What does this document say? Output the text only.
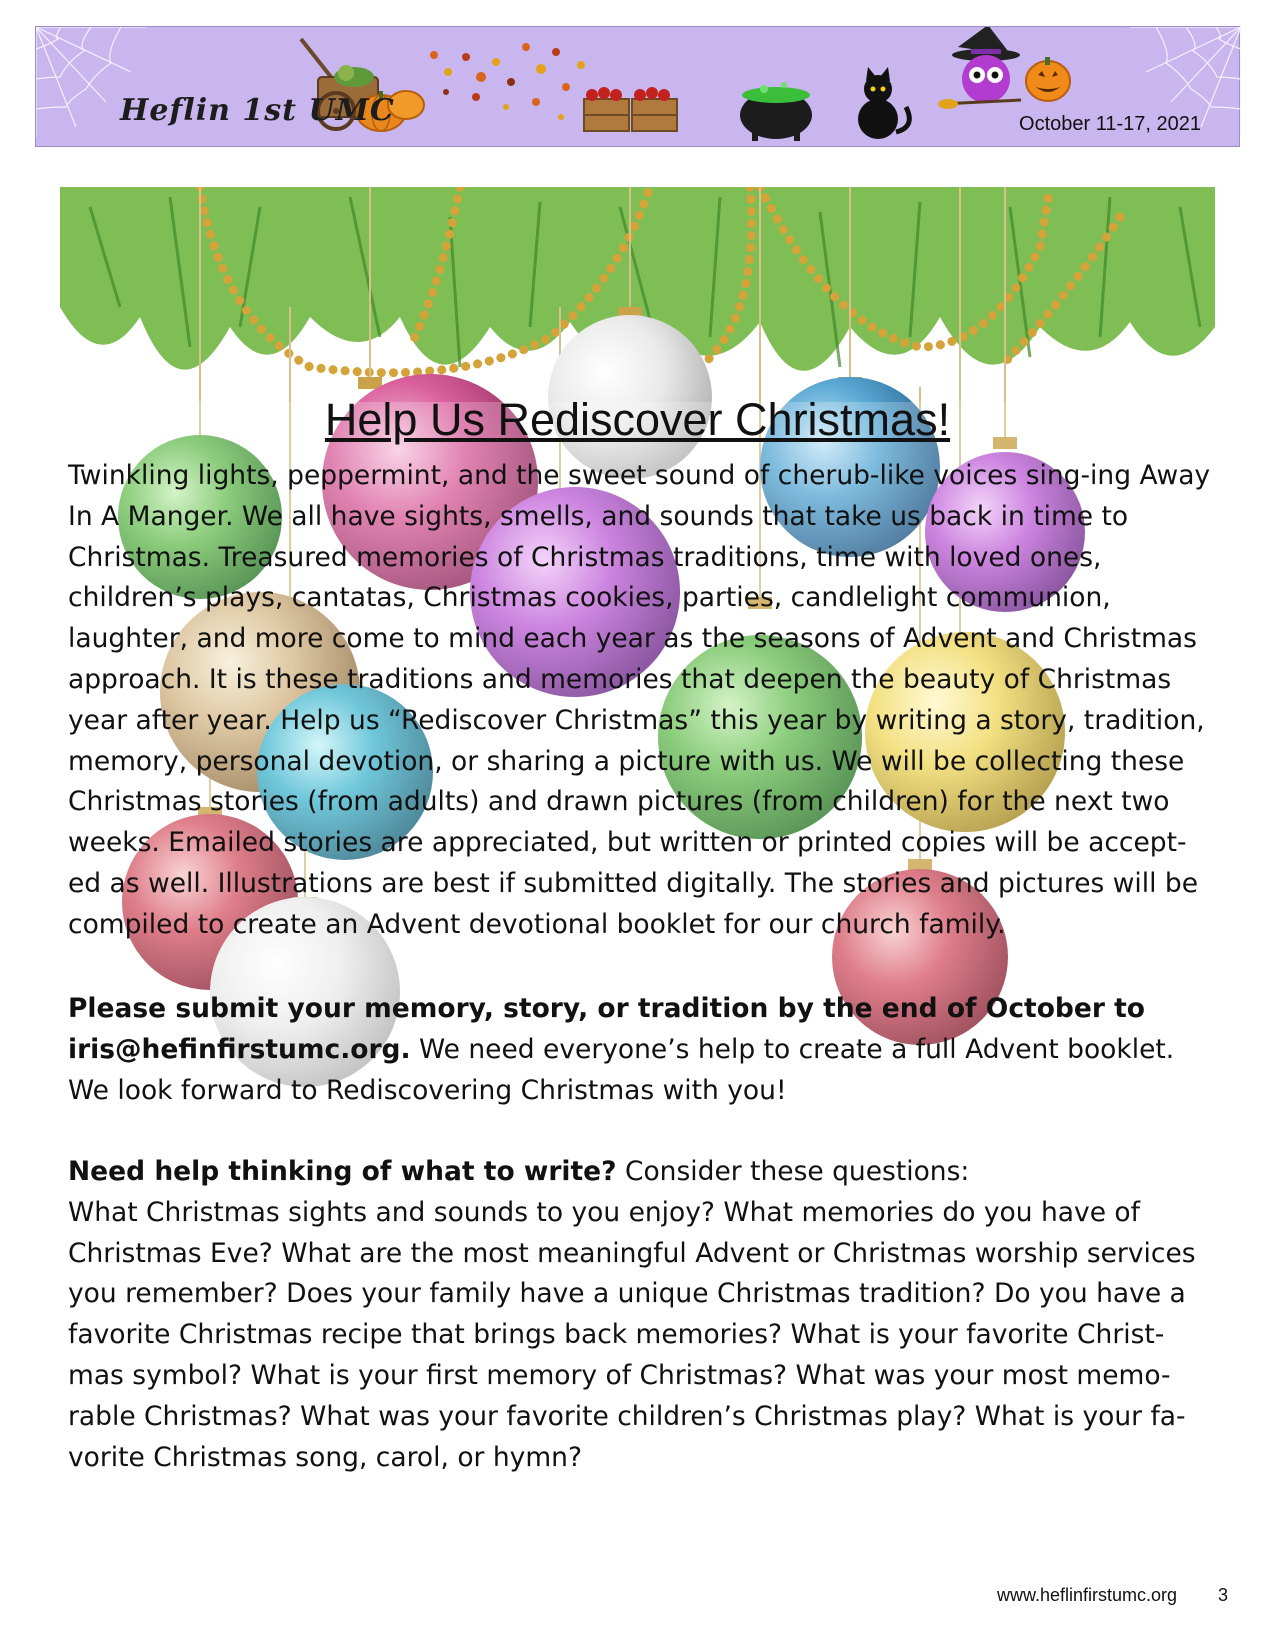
Heflin 1st UMC	October 11-17, 2021
Help Us Rediscover Christmas!

Twinkling lights, peppermint, and the sweet sound of cherub-like voices sing-ing Away In A Manger. We all have sights, smells, and sounds that take us back in time to Christmas. Treasured memories of Christmas traditions, time with loved ones, children’s plays, cantatas, Christmas cookies, parties, candlelight communion, laughter, and more come to mind each year as the seasons of Advent and Christmas approach. It is these traditions and memories that deepen the beauty of Christmas year after year. Help us “Rediscover Christmas” this year by writing a story, tradition, memory, personal devotion, or sharing a picture with us. We will be collecting these Christmas stories (from adults) and drawn pictures (from children) for the next two weeks. Emailed stories are appreciated, but written or printed copies will be accept-ed as well. Illustrations are best if submitted digitally. The stories and pictures will be compiled to create an Advent devotional booklet for our church family.

Please submit your memory, story, or tradition by the end of October to iris@hefinfirstumc.org. We need everyone’s help to create a full Advent booklet. We look forward to Rediscovering Christmas with you!

Need help thinking of what to write? Consider these questions:
What Christmas sights and sounds to you enjoy? What memories do you have of Christmas Eve? What are the most meaningful Advent or Christmas worship services you remember? Does your family have a unique Christmas tradition? Do you have a favorite Christmas recipe that brings back memories? What is your favorite Christ-mas symbol? What is your first memory of Christmas? What was your most memo-rable Christmas? What was your favorite children’s Christmas play? What is your fa-vorite Christmas song, carol, or hymn?

www.heflinfirstumc.org 3
